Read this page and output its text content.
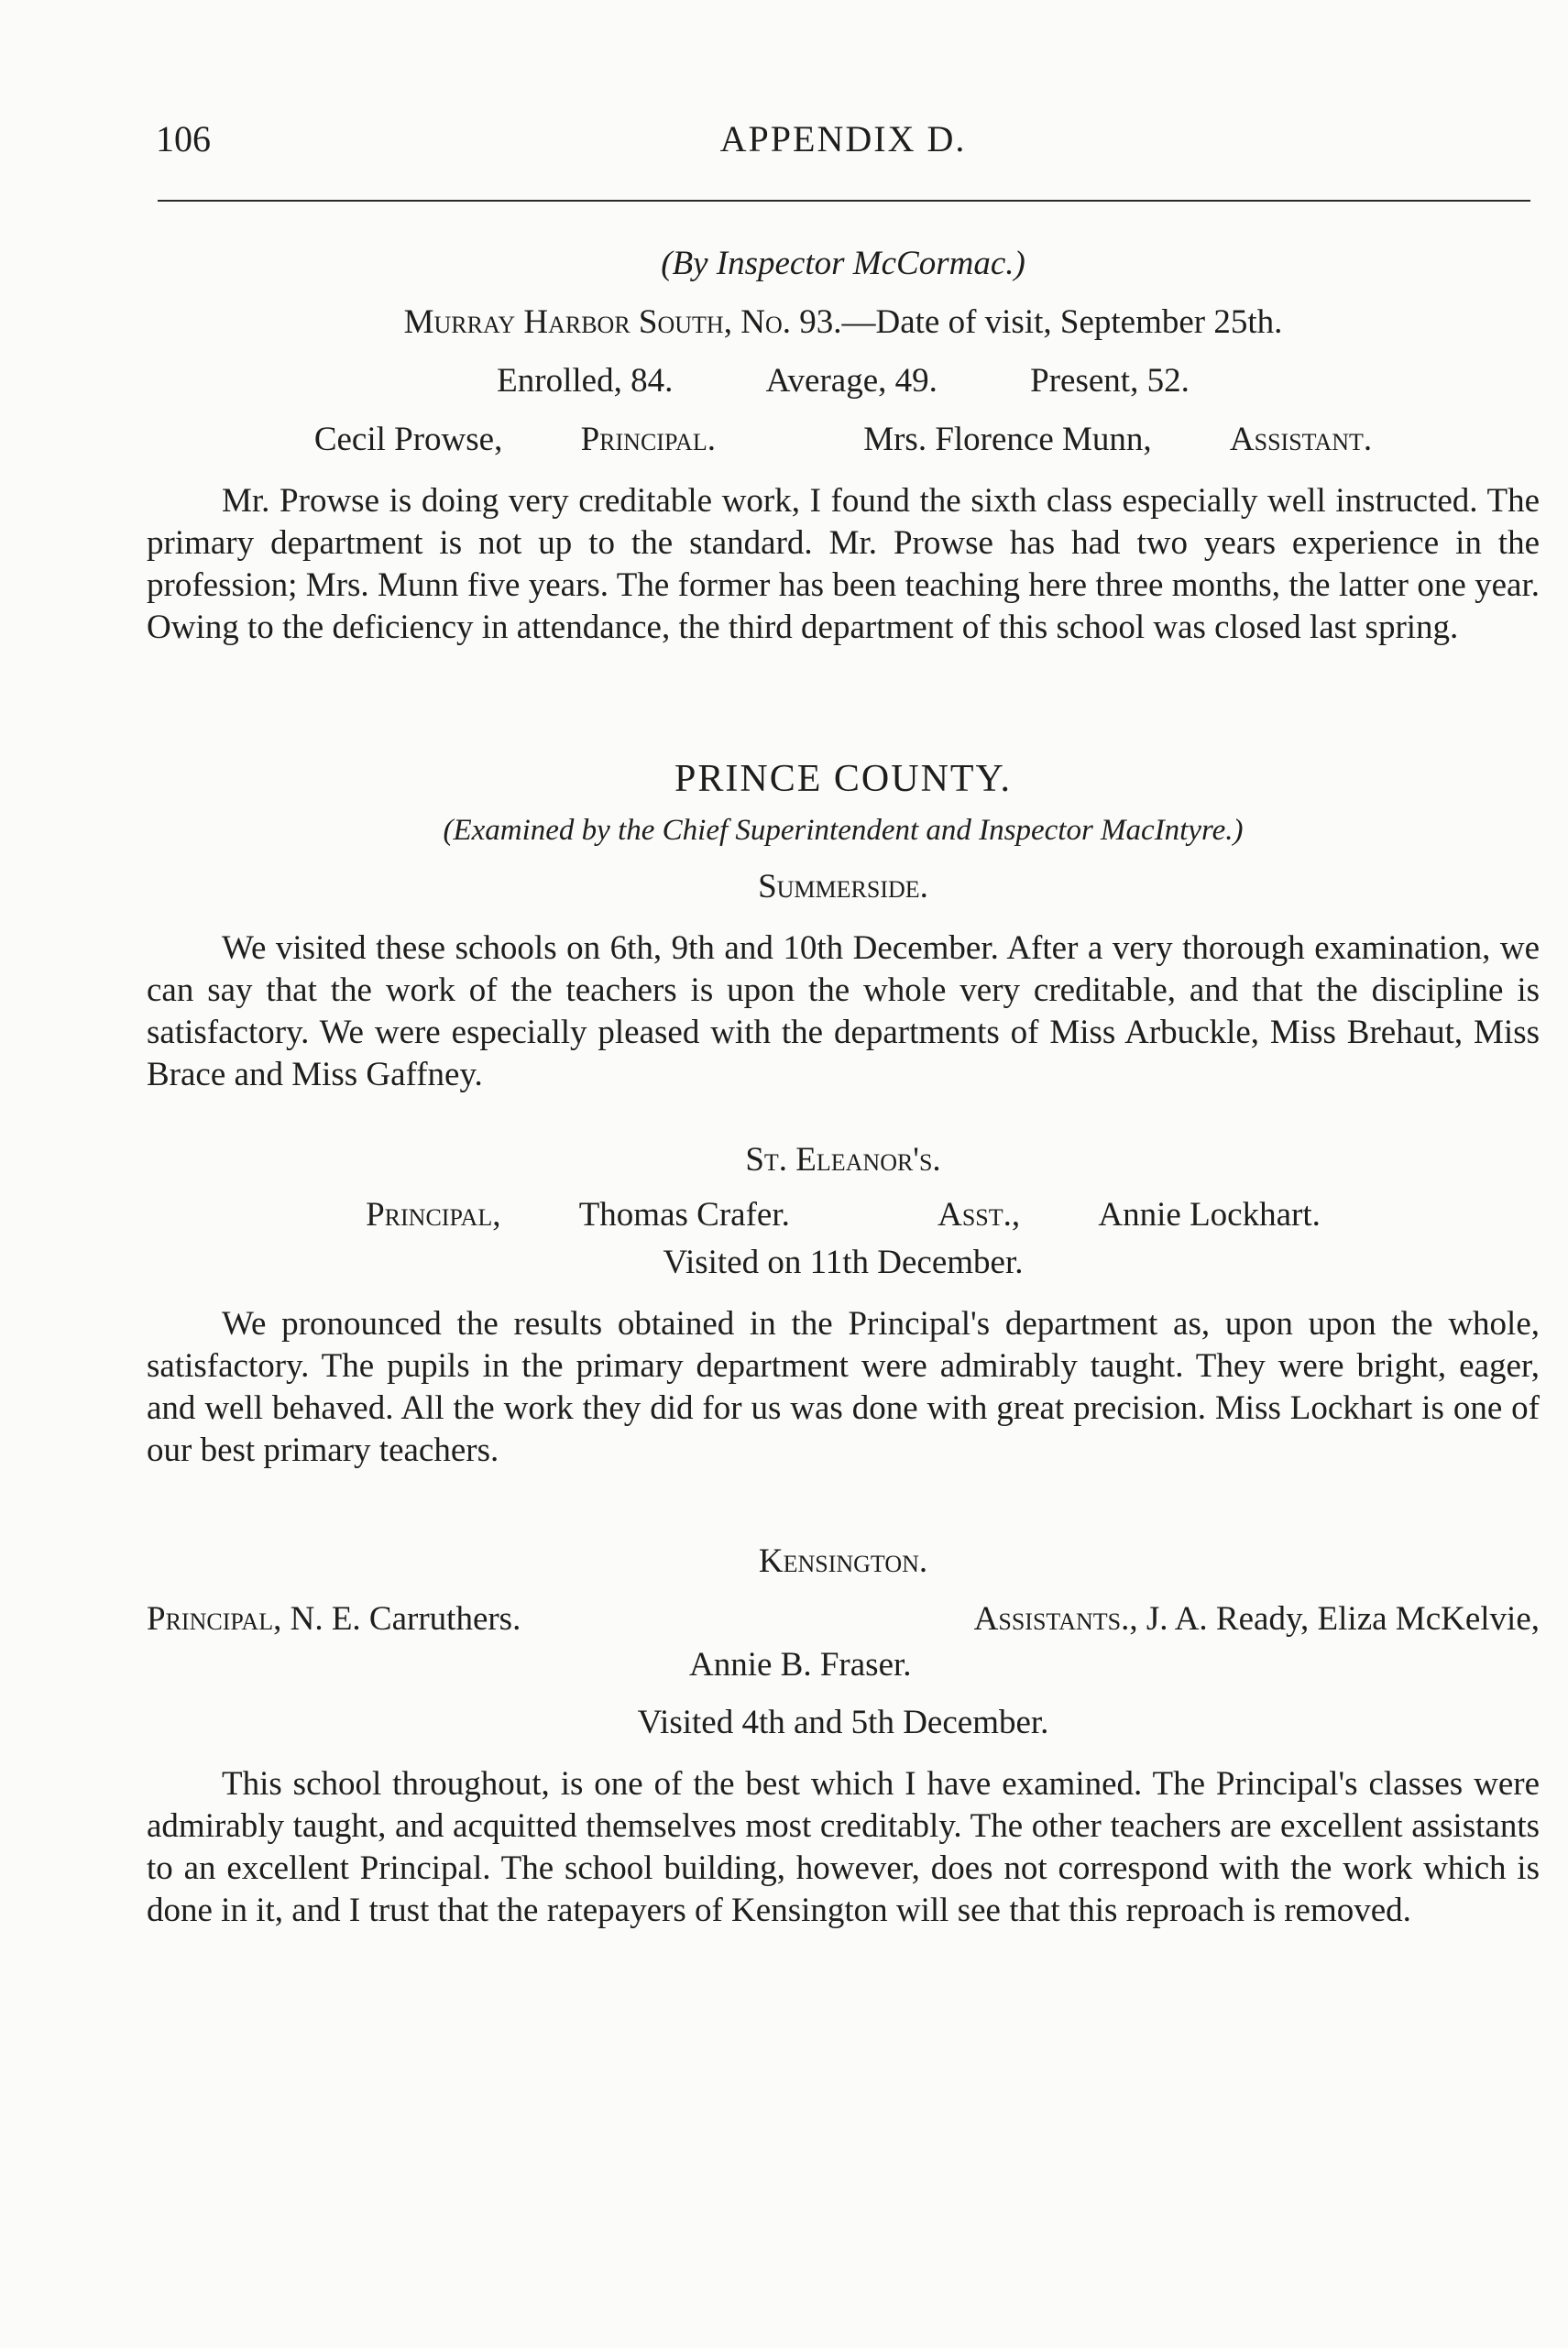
106	APPENDIX D.
(By Inspector McCormac.)
Murray Harbor South, No. 93.—Date of visit, September 25th.
Enrolled, 84.	Average, 49.	Present, 52.
Cecil Prowse, Principal.	Mrs. Florence Munn, Assistant.

Mr. Prowse is doing very creditable work, I found the sixth class especially well instructed. The primary department is not up to the standard. Mr. Prowse has had two years experience in the profession; Mrs. Munn five years. The former has been teaching here three months, the latter one year. Owing to the deficiency in attendance, the third department of this school was closed last spring.

PRINCE COUNTY.
(Examined by the Chief Superintendent and Inspector MacIntyre.)
Summerside.

We visited these schools on 6th, 9th and 10th December. After a very thorough examination, we can say that the work of the teachers is upon the whole very creditable, and that the discipline is satisfactory. We were especially pleased with the departments of Miss Arbuckle, Miss Brehaut, Miss Brace and Miss Gaffney.

St. Eleanor's.
Principal, Thomas Crafer.	Asst., Annie Lockhart.
Visited on 11th December.

We pronounced the results obtained in the Principal's department as, upon upon the whole, satisfactory. The pupils in the primary department were admirably taught. They were bright, eager, and well behaved. All the work they did for us was done with great precision. Miss Lockhart is one of our best primary teachers.

Kensington.
Principal, N. E. Carruthers.	Assistants., J. A. Ready, Eliza McKelvie,
Annie B. Fraser.
Visited 4th and 5th December.

This school throughout, is one of the best which I have examined. The Principal's classes were admirably taught, and acquitted themselves most creditably. The other teachers are excellent assistants to an excellent Principal. The school building, however, does not correspond with the work which is done in it, and I trust that the ratepayers of Kensington will see that this reproach is removed.
